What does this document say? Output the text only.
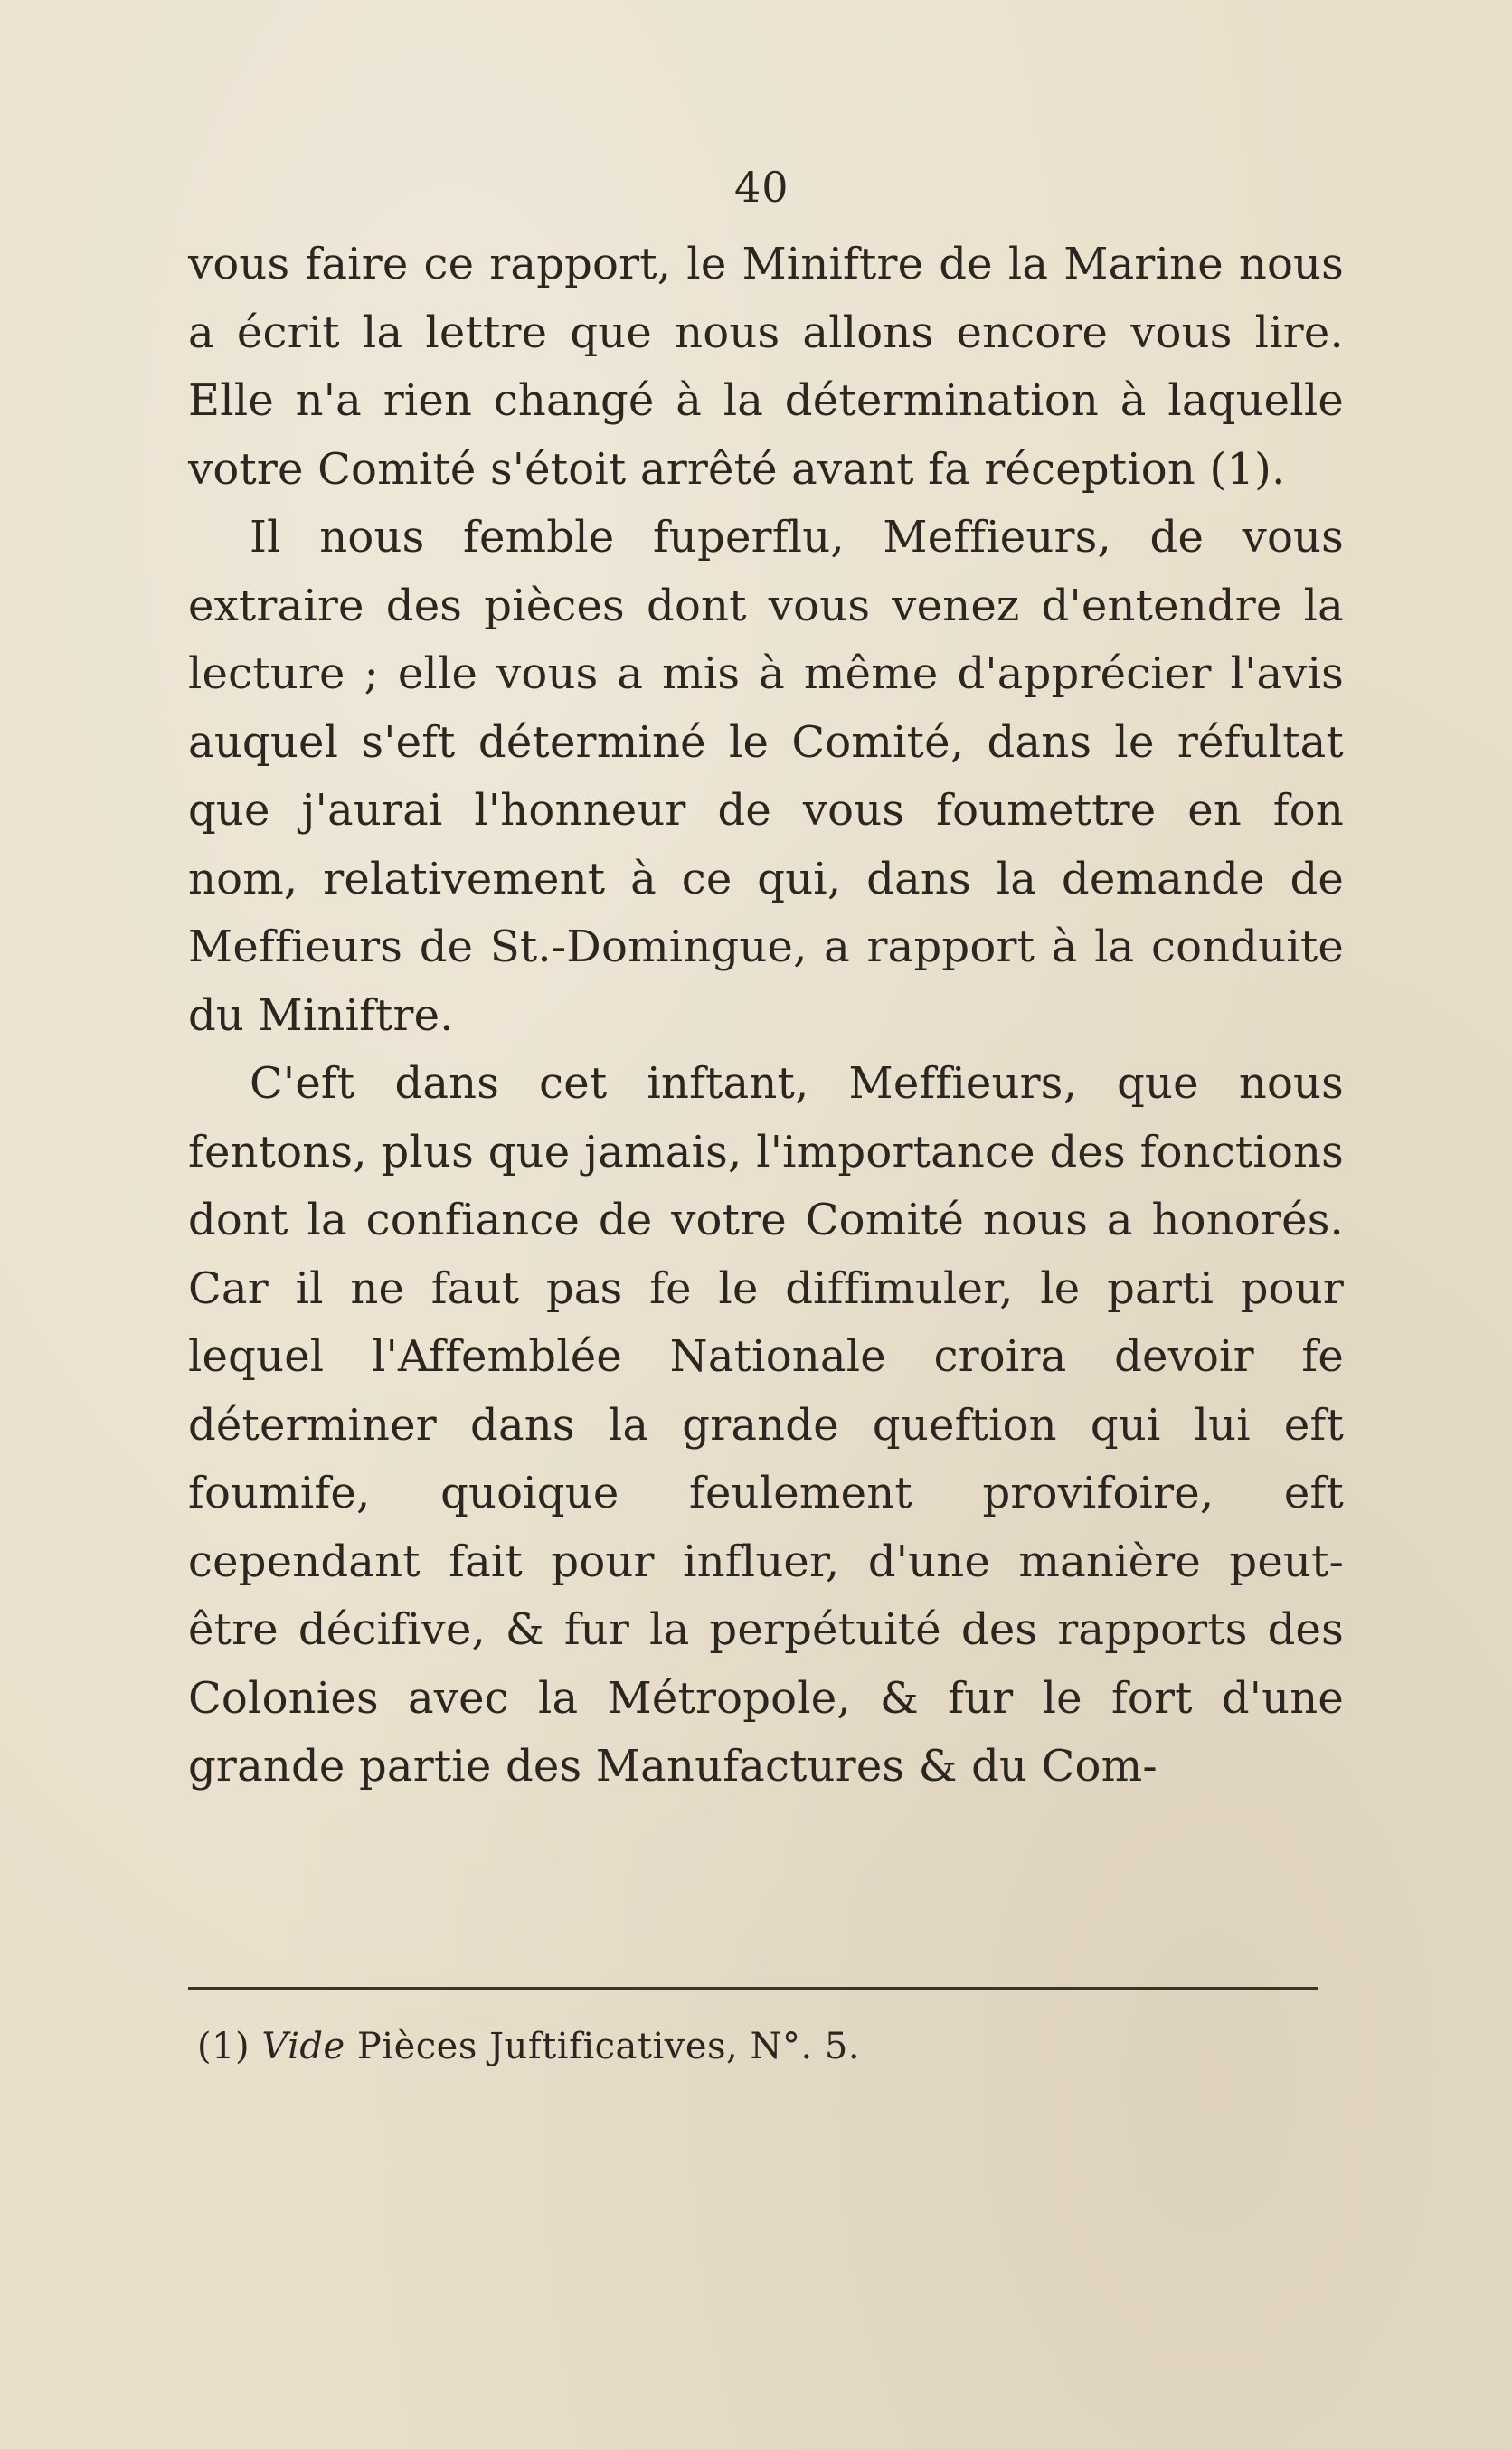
40

vous faire ce rapport, le Miniftre de la Marine nous a écrit la lettre que nous allons encore vous lire. Elle n'a rien changé à la détermination à laquelle votre Comité s'étoit arrêté avant fa réception (1).

Il nous femble fuperflu, Meffieurs, de vous extraire des pièces dont vous venez d'entendre la lecture ; elle vous a mis à même d'apprécier l'avis auquel s'eft déterminé le Comité, dans le réfultat que j'aurai l'honneur de vous foumettre en fon nom, relativement à ce qui, dans la demande de Meffieurs de St.-Domingue, a rapport à la conduite du Miniftre.

C'eft dans cet inftant, Meffieurs, que nous fentons, plus que jamais, l'importance des fonctions dont la confiance de votre Comité nous a honorés. Car il ne faut pas fe le diffimuler, le parti pour lequel l'Affemblée Nationale croira devoir fe déterminer dans la grande queftion qui lui eft foumife, quoique feulement provifoire, eft cependant fait pour influer, d'une manière peut-être décifive, & fur la perpétuité des rapports des Colonies avec la Métropole, & fur le fort d'une grande partie des Manufactures & du Com-

(1) Vide Pièces Juftificatives, N°. 5.
